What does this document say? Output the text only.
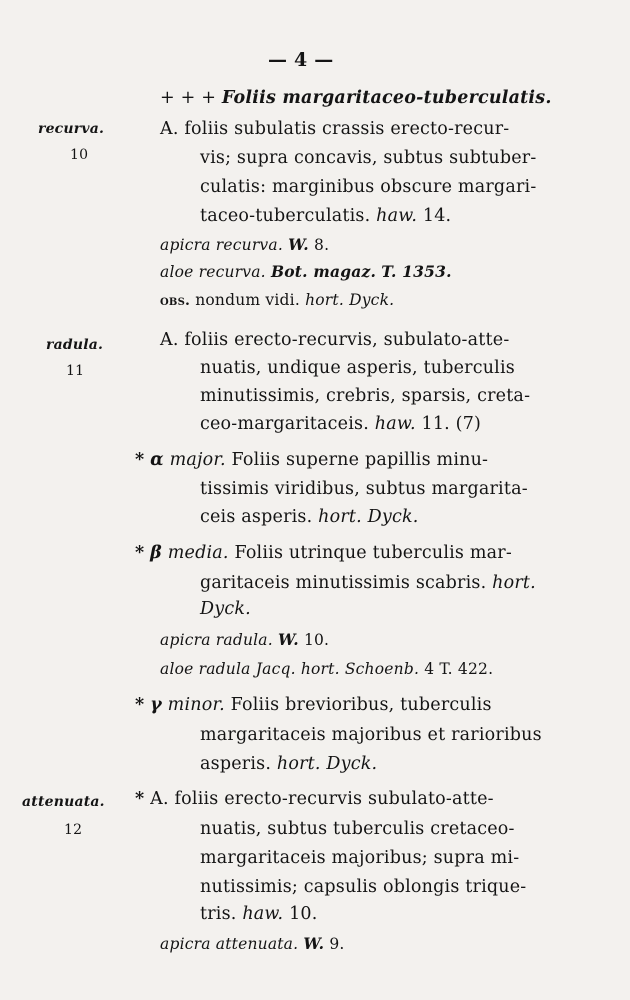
— 4 —
+ + + Foliis margaritaceo-tuberculatis.
recurva.
10
A. foliis subulatis crassis erecto-recur-
vis; supra concavis, subtus subtuber-
culatis: marginibus obscure margari-
taceo-tuberculatis. haw. 14.
apicra recurva. W. 8.
aloe recurva. Bot. magaz. T. 1353.
obs. nondum vidi. hort. Dyck.
radula.
11
A. foliis erecto-recurvis, subulato-atte-
nuatis, undique asperis, tuberculis
minutissimis, crebris, sparsis, creta-
ceo-margaritaceis. haw. 11. (7)
* α major. Foliis superne papillis minu-
tissimis viridibus, subtus margarita-
ceis asperis. hort. Dyck.
* β media. Foliis utrinque tuberculis mar-
garitaceis minutissimis scabris. hort.
Dyck.
apicra radula. W. 10.
aloe radula Jacq. hort. Schoenb. 4 T. 422.
* γ minor. Foliis brevioribus, tuberculis
margaritaceis majoribus et rarioribus
asperis. hort. Dyck.
attenuata.
12
* A. foliis erecto-recurvis subulato-atte-
nuatis, subtus tuberculis cretaceo-
margaritaceis majoribus; supra mi-
nutissimis; capsulis oblongis trique-
tris. haw. 10.
apicra attenuata. W. 9.
